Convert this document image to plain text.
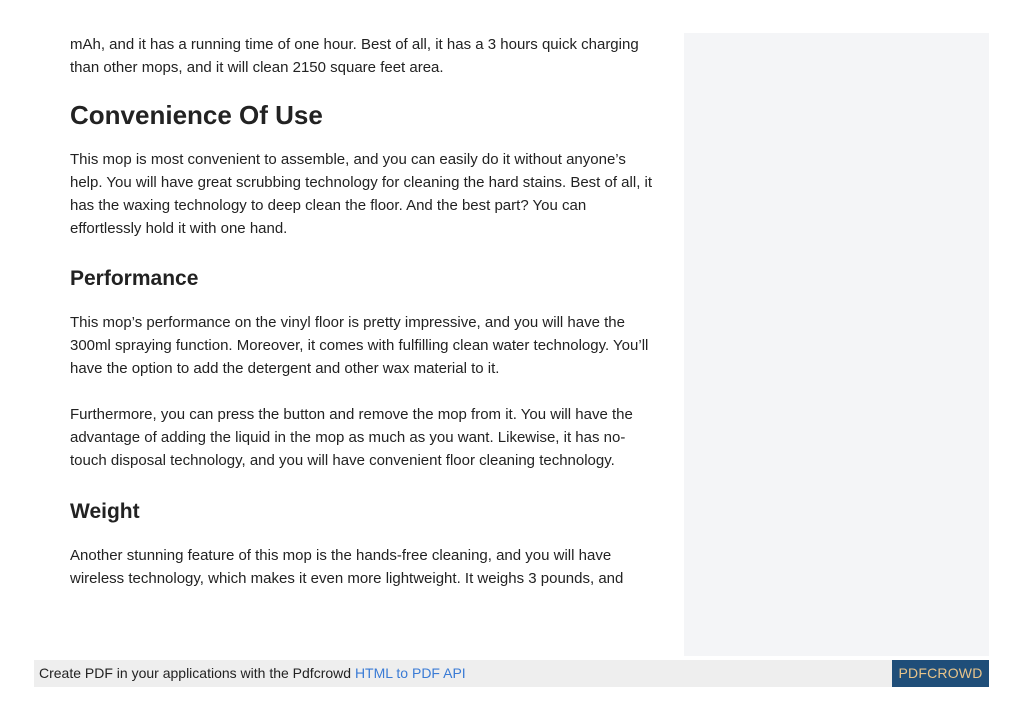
mAh, and it has a running time of one hour. Best of all, it has a 3 hours quick charging than other mops, and it will clean 2150 square feet area.

Convenience Of Use

This mop is most convenient to assemble, and you can easily do it without anyone’s help. You will have great scrubbing technology for cleaning the hard stains. Best of all, it has the waxing technology to deep clean the floor. And the best part? You can effortlessly hold it with one hand.

Performance

This mop’s performance on the vinyl floor is pretty impressive, and you will have the 300ml spraying function. Moreover, it comes with fulfilling clean water technology. You’ll have the option to add the detergent and other wax material to it.

Furthermore, you can press the button and remove the mop from it. You will have the advantage of adding the liquid in the mop as much as you want. Likewise, it has no-touch disposal technology, and you will have convenient floor cleaning technology.

Weight

Another stunning feature of this mop is the hands-free cleaning, and you will have wireless technology, which makes it even more lightweight. It weighs 3 pounds, and

Create PDF in your applications with the Pdfcrowd HTML to PDF API	PDFCROWD
